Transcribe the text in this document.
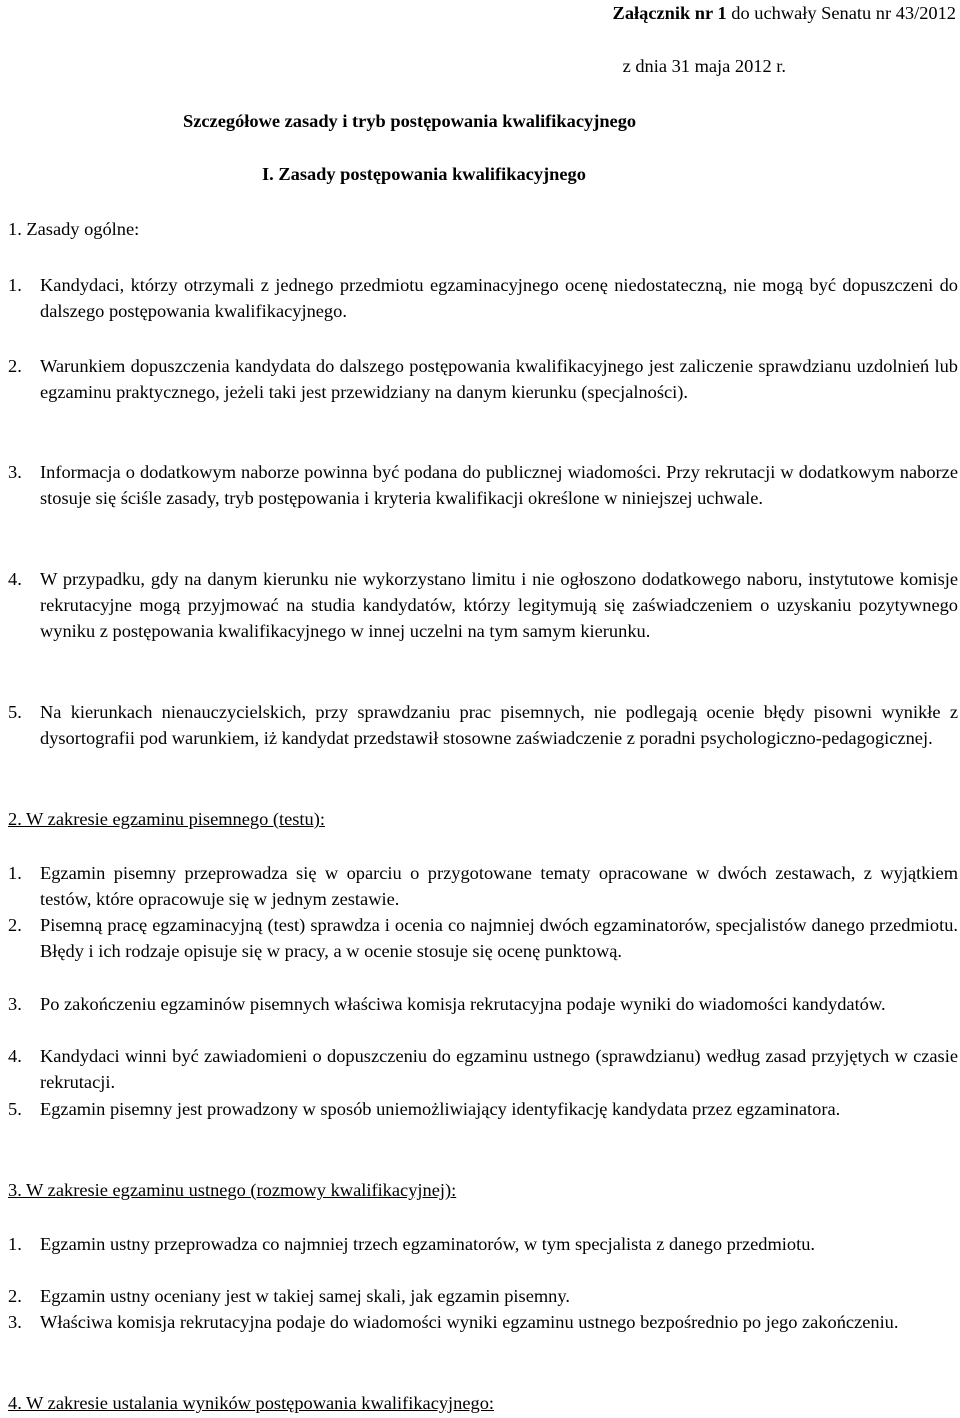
Załącznik nr 1 do uchwały Senatu nr 43/2012
z dnia 31 maja 2012 r.
Szczegółowe zasady i tryb postępowania kwalifikacyjnego
I. Zasady postępowania kwalifikacyjnego
1. Zasady ogólne:
1. Kandydaci, którzy otrzymali z jednego przedmiotu egzaminacyjnego ocenę niedostateczną, nie mogą być dopuszczeni do dalszego postępowania kwalifikacyjnego.
2. Warunkiem dopuszczenia kandydata do dalszego postępowania kwalifikacyjnego jest zaliczenie sprawdzianu uzdolnień lub egzaminu praktycznego, jeżeli taki jest przewidziany na danym kierunku (specjalności).
3. Informacja o dodatkowym naborze powinna być podana do publicznej wiadomości. Przy rekrutacji w dodatkowym naborze stosuje się ściśle zasady, tryb postępowania i kryteria kwalifikacji określone w niniejszej uchwale.
4. W przypadku, gdy na danym kierunku nie wykorzystano limitu i nie ogłoszono dodatkowego naboru, instytutowe komisje rekrutacyjne mogą przyjmować na studia kandydatów, którzy legitymują się zaświadczeniem o uzyskaniu pozytywnego wyniku z postępowania kwalifikacyjnego w innej uczelni na tym samym kierunku.
5. Na kierunkach nienauczycielskich, przy sprawdzaniu prac pisemnych, nie podlegają ocenie błędy pisowni wynikłe z dysortografii pod warunkiem, iż kandydat przedstawił stosowne zaświadczenie z poradni psychologiczno-pedagogicznej.
2. W zakresie egzaminu pisemnego (testu):
1. Egzamin pisemny przeprowadza się w oparciu o przygotowane tematy opracowane w dwóch zestawach, z wyjątkiem testów, które opracowuje się w jednym zestawie.
2. Pisemną pracę egzaminacyjną (test) sprawdza i ocenia co najmniej dwóch egzaminatorów, specjalistów danego przedmiotu. Błędy i ich rodzaje opisuje się w pracy, a w ocenie stosuje się ocenę punktową.
3. Po zakończeniu egzaminów pisemnych właściwa komisja rekrutacyjna podaje wyniki do wiadomości kandydatów.
4. Kandydaci winni być zawiadomieni o dopuszczeniu do egzaminu ustnego (sprawdzianu) według zasad przyjętych w czasie rekrutacji.
5. Egzamin pisemny jest prowadzony w sposób uniemożliwiający identyfikację kandydata przez egzaminatora.
3. W zakresie egzaminu ustnego (rozmowy kwalifikacyjnej):
1. Egzamin ustny przeprowadza co najmniej trzech egzaminatorów, w tym specjalista z danego przedmiotu.
2. Egzamin ustny oceniany jest w takiej samej skali, jak egzamin pisemny.
3. Właściwa komisja rekrutacyjna podaje do wiadomości wyniki egzaminu ustnego bezpośrednio po jego zakończeniu.
4. W zakresie ustalania wyników postępowania kwalifikacyjnego:
